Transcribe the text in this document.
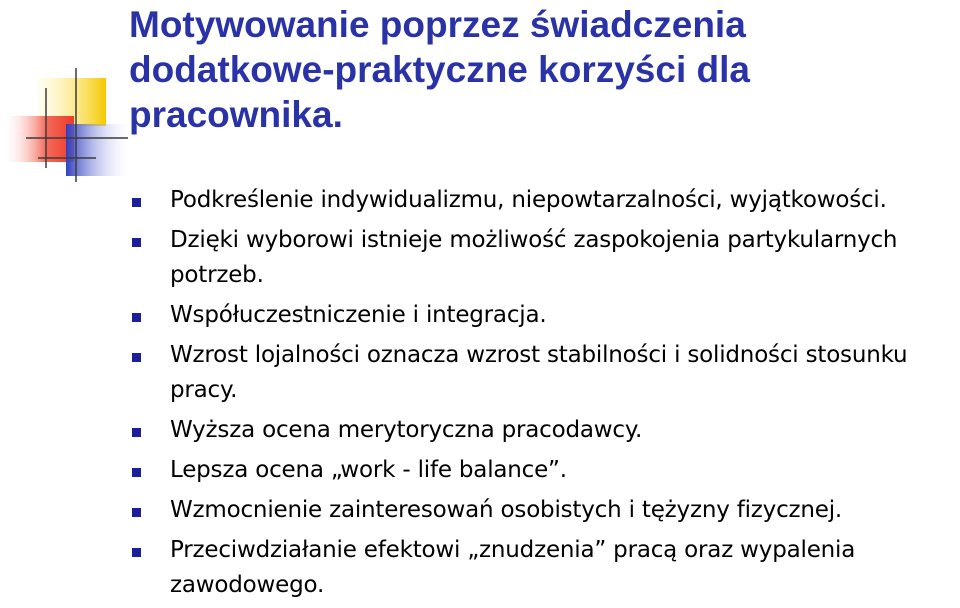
Motywowanie poprzez świadczenia
dodatkowe-praktyczne korzyści dla
pracownika.
Podkreślenie indywidualizmu, niepowtarzalności, wyjątkowości.
Dzięki wyborowi istnieje możliwość zaspokojenia partykularnych potrzeb.
Współuczestniczenie i integracja.
Wzrost lojalności oznacza wzrost stabilności i solidności stosunku pracy.
Wyższa ocena merytoryczna pracodawcy.
Lepsza ocena „work - life balance”.
Wzmocnienie zainteresowań osobistych i tężyzny fizycznej.
Przeciwdziałanie efektowi „znudzenia” pracą oraz wypalenia zawodowego.
